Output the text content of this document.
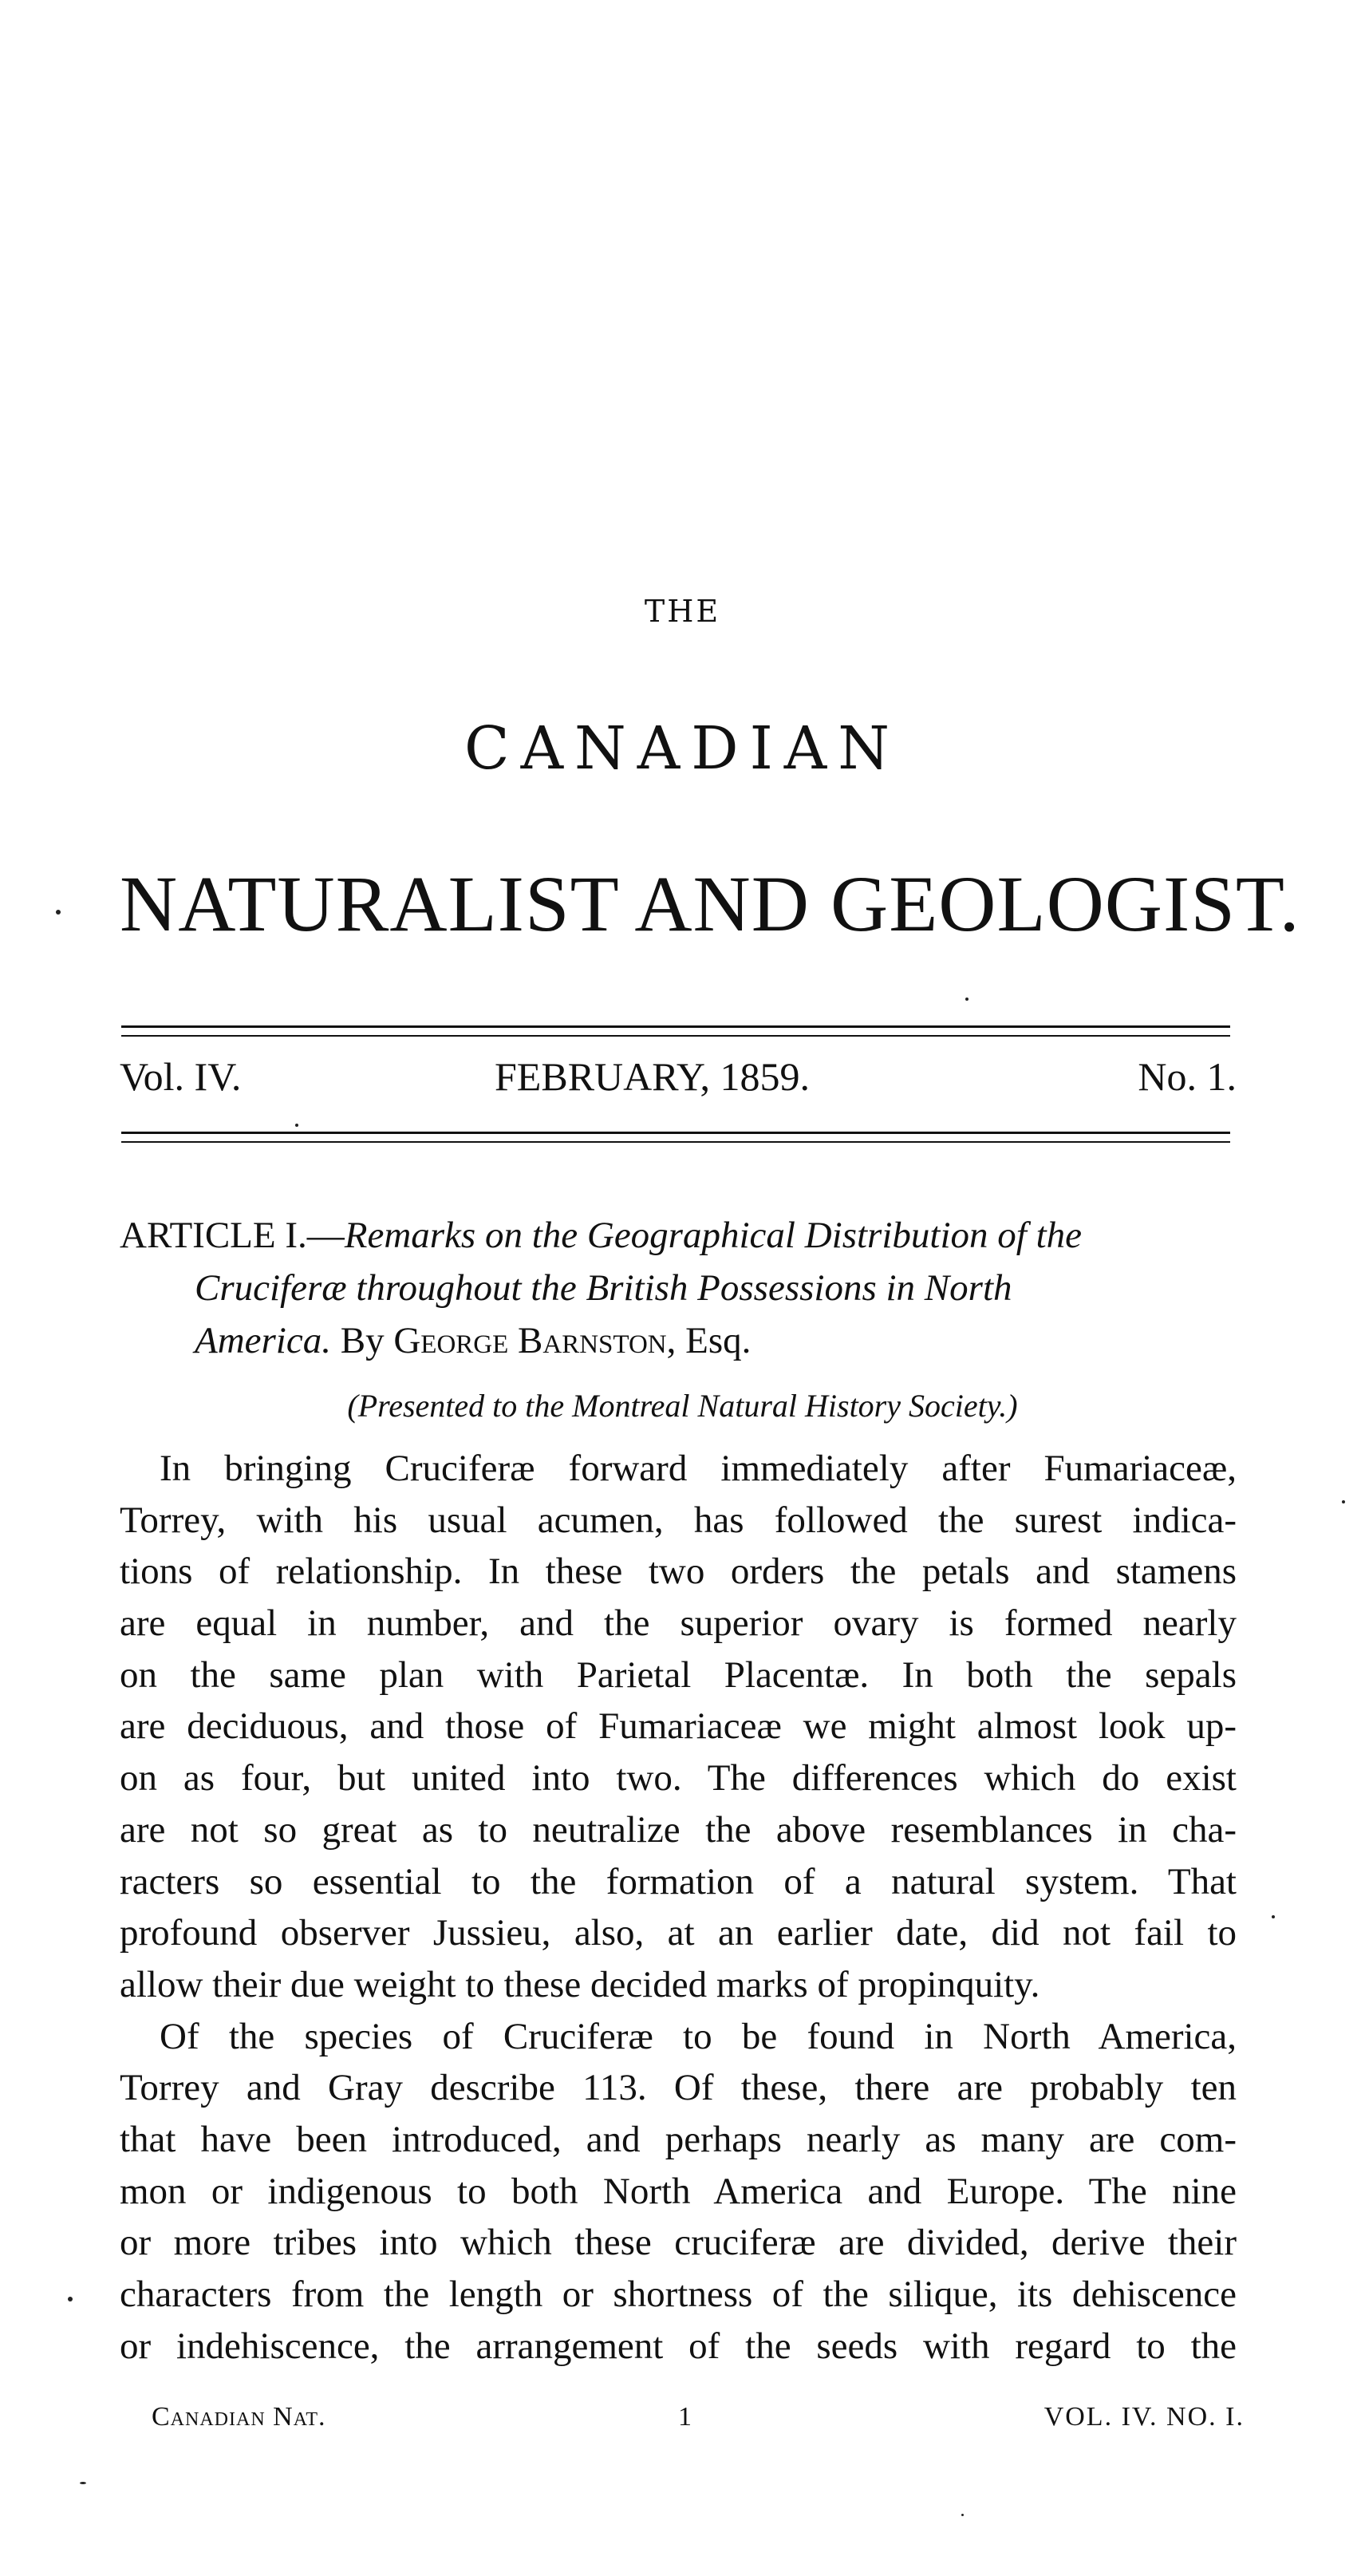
THE
CANADIAN
NATURALIST AND GEOLOGIST.
Vol. IV.	FEBRUARY, 1859.	No. 1.
ARTICLE I.—Remarks on the Geographical Distribution of the
Cruciferæ throughout the British Possessions in North
America. By George Barnston, Esq.
(Presented to the Montreal Natural History Society.)
In bringing Cruciferæ forward immediately after Fumariaceæ,
Torrey, with his usual acumen, has followed the surest indica-
tions of relationship. In these two orders the petals and stamens
are equal in number, and the superior ovary is formed nearly
on the same plan with Parietal Placentæ. In both the sepals
are deciduous, and those of Fumariaceæ we might almost look up-
on as four, but united into two. The differences which do exist
are not so great as to neutralize the above resemblances in cha-
racters so essential to the formation of a natural system. That
profound observer Jussieu, also, at an earlier date, did not fail to
allow their due weight to these decided marks of propinquity.
Of the species of Cruciferæ to be found in North America,
Torrey and Gray describe 113. Of these, there are probably ten
that have been introduced, and perhaps nearly as many are com-
mon or indigenous to both North America and Europe. The nine
or more tribes into which these cruciferæ are divided, derive their
characters from the length or shortness of the silique, its dehiscence
or indehiscence, the arrangement of the seeds with regard to the
Canadian Nat.	1	VOL. IV. NO. I.
